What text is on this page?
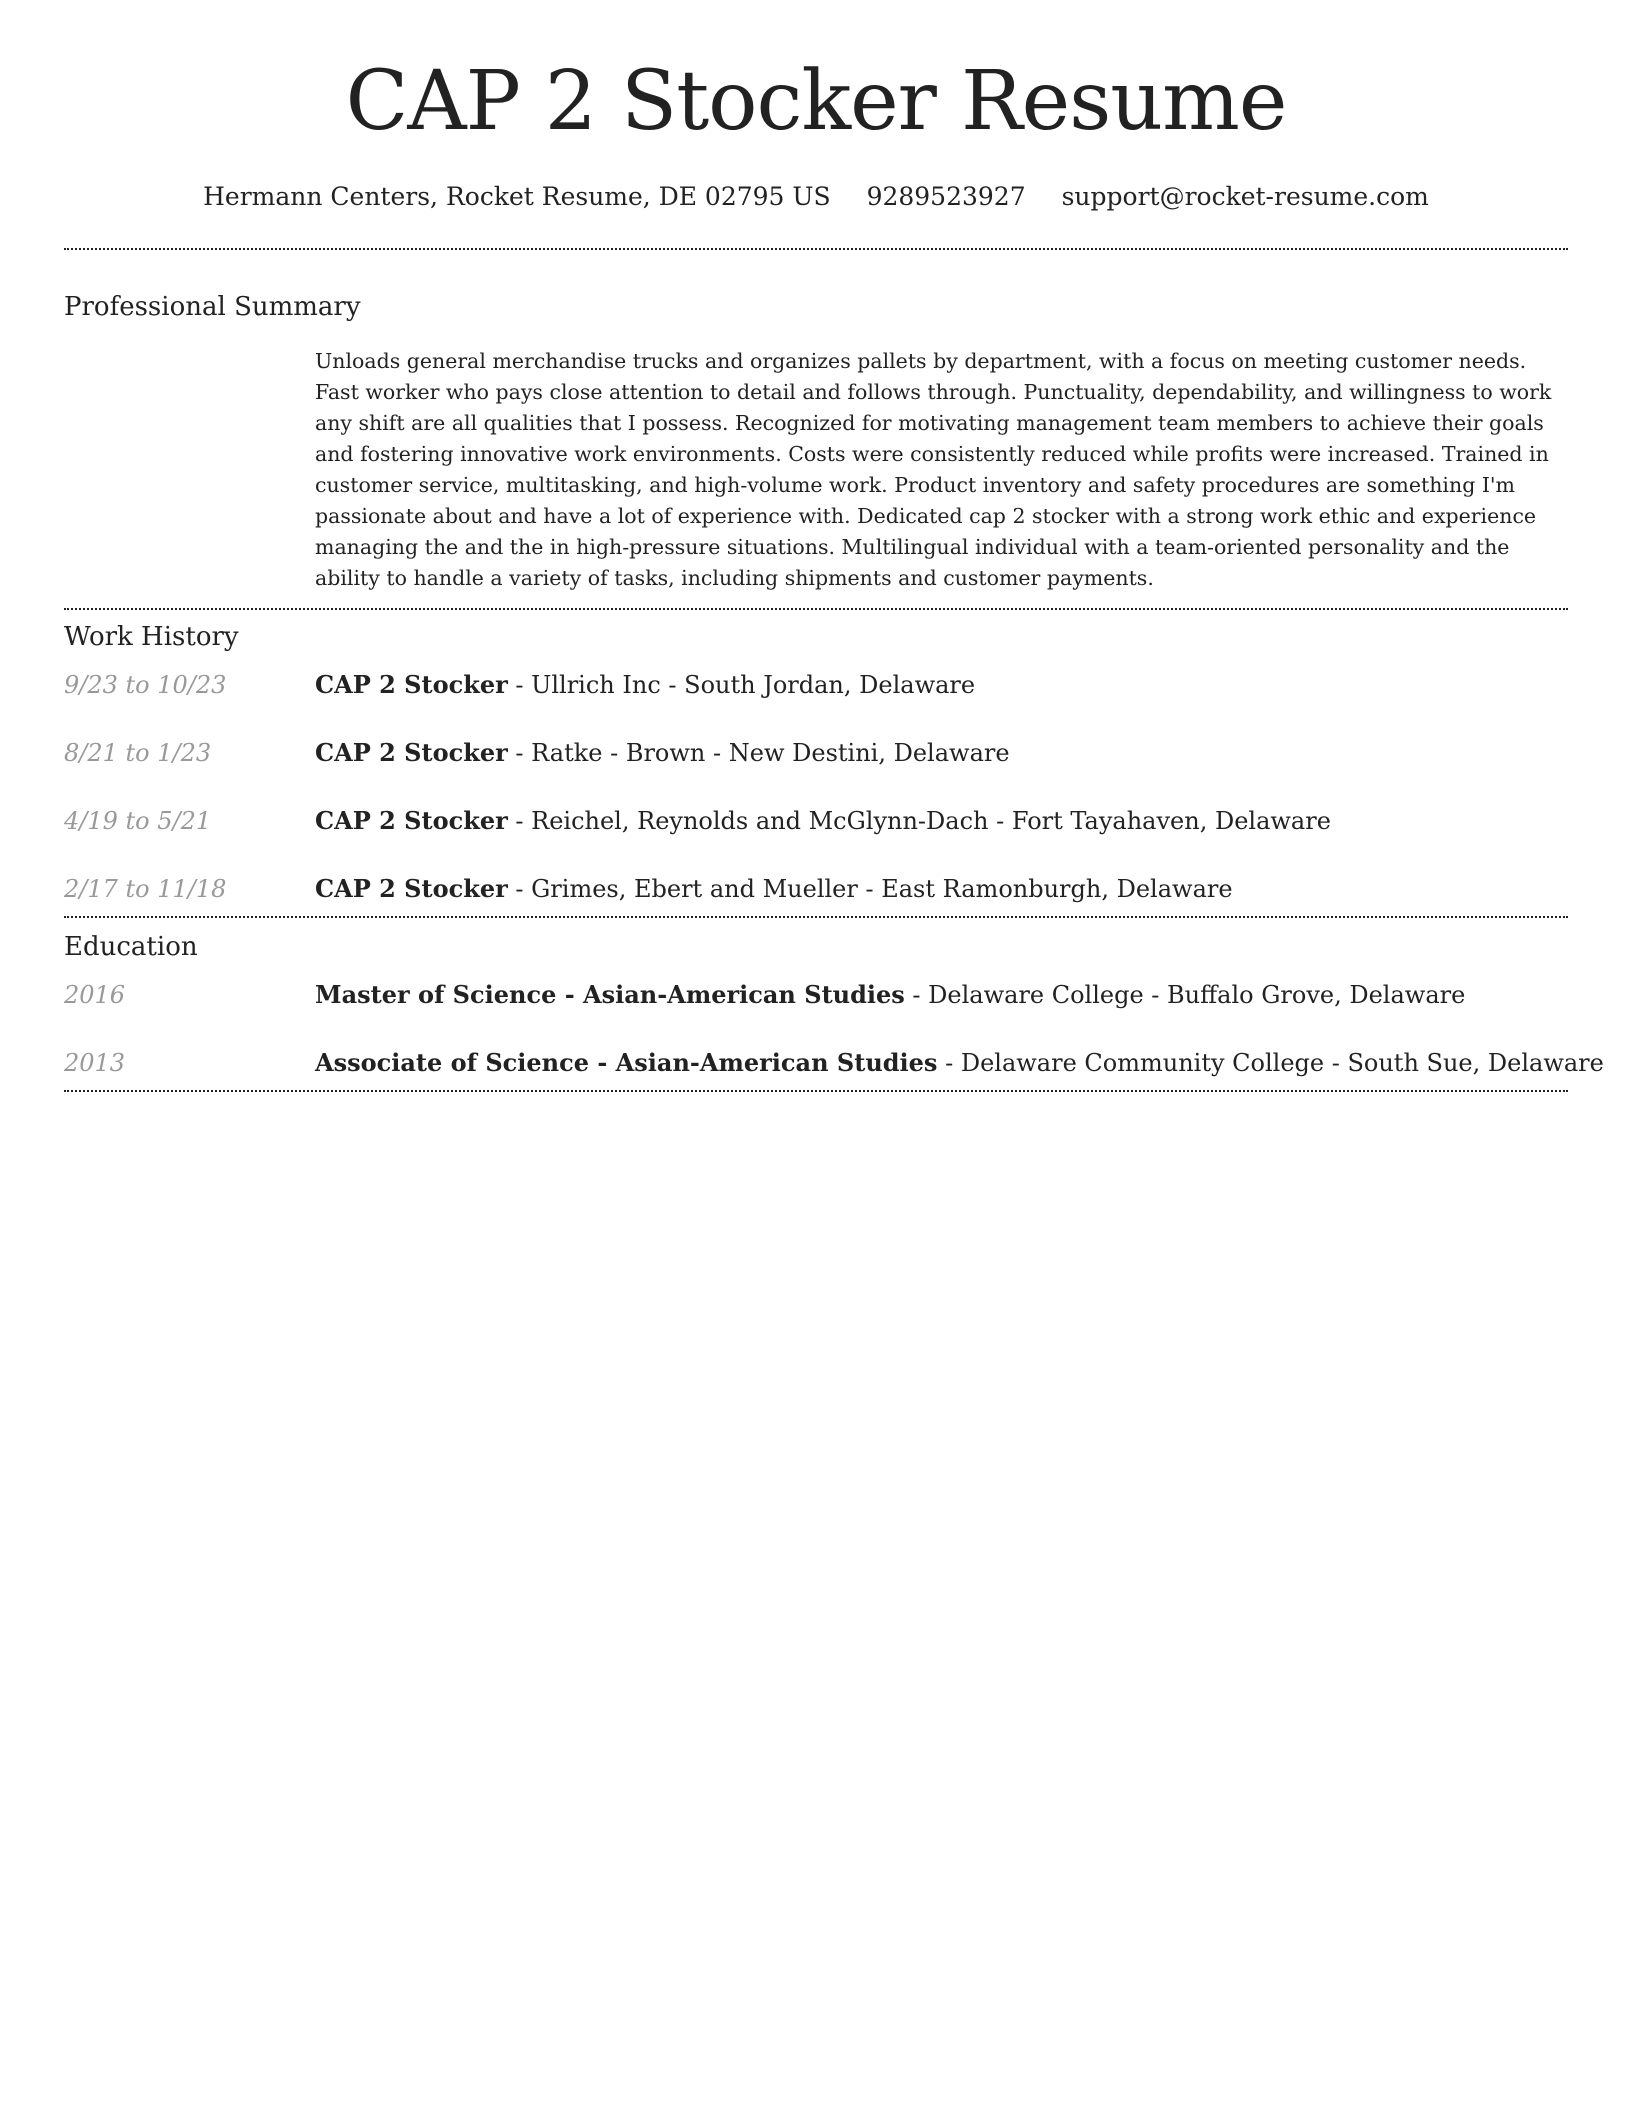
CAP 2 Stocker Resume
Hermann Centers, Rocket Resume, DE 02795 US 9289523927 support@rocket-resume.com
Professional Summary
Unloads general merchandise trucks and organizes pallets by department, with a focus on meeting customer needs. Fast worker who pays close attention to detail and follows through. Punctuality, dependability, and willingness to work any shift are all qualities that I possess. Recognized for motivating management team members to achieve their goals and fostering innovative work environments. Costs were consistently reduced while profits were increased. Trained in customer service, multitasking, and high-volume work. Product inventory and safety procedures are something I'm passionate about and have a lot of experience with. Dedicated cap 2 stocker with a strong work ethic and experience managing the and the in high-pressure situations. Multilingual individual with a team-oriented personality and the ability to handle a variety of tasks, including shipments and customer payments.
Work History
9/23 to 10/23	CAP 2 Stocker - Ullrich Inc - South Jordan, Delaware
8/21 to 1/23	CAP 2 Stocker - Ratke - Brown - New Destini, Delaware
4/19 to 5/21	CAP 2 Stocker - Reichel, Reynolds and McGlynn-Dach - Fort Tayahaven, Delaware
2/17 to 11/18	CAP 2 Stocker - Grimes, Ebert and Mueller - East Ramonburgh, Delaware
Education
2016	Master of Science - Asian-American Studies - Delaware College - Buffalo Grove, Delaware
2013	Associate of Science - Asian-American Studies - Delaware Community College - South Sue, Delaware
